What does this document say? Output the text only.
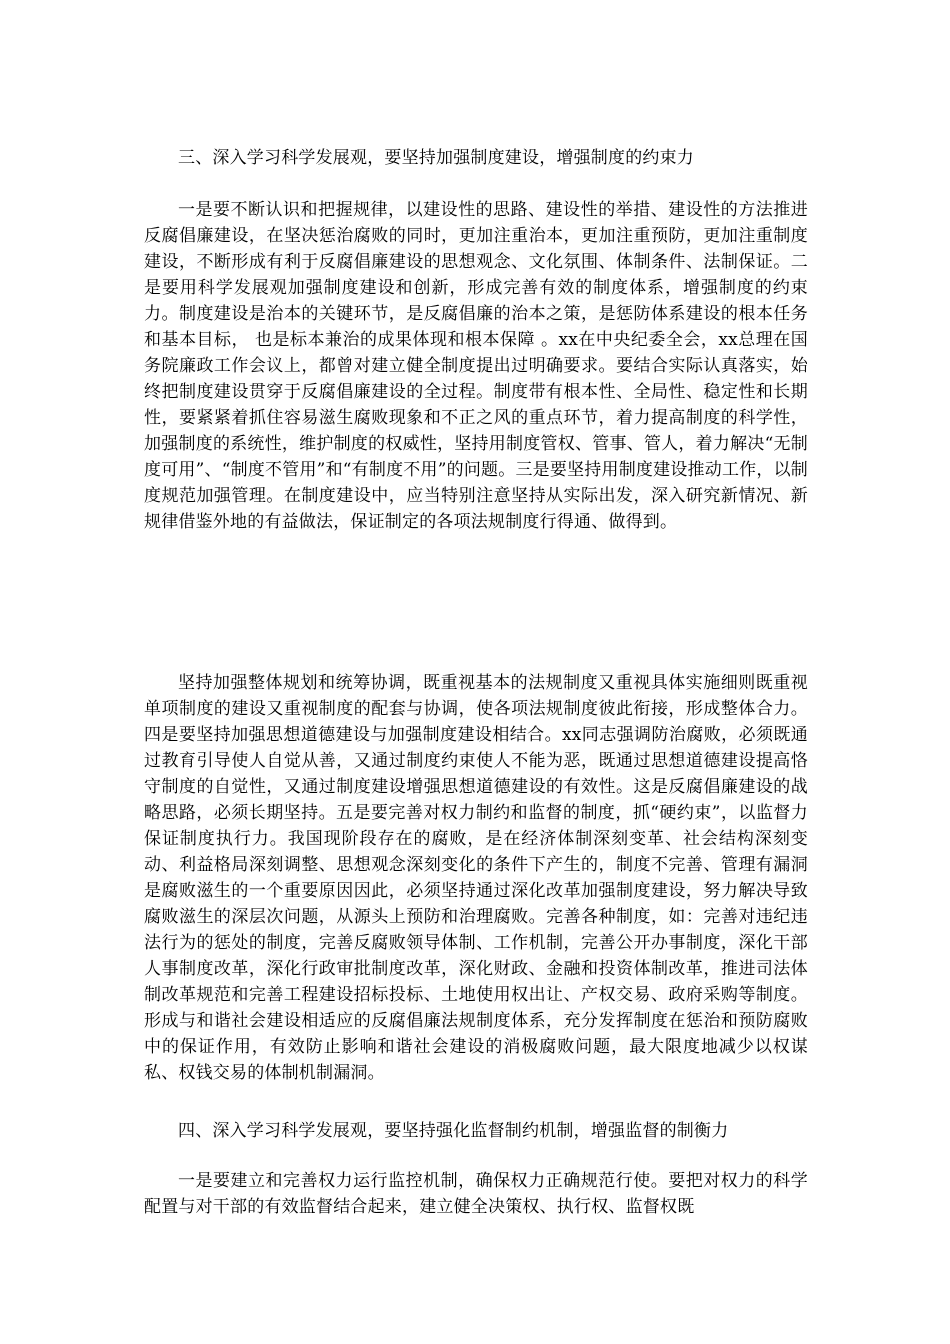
三、深入学习科学发展观，要坚持加强制度建设，增强制度的约束力

一是要不断认识和把握规律，以建设性的思路、建设性的举措、建设性的方法推进反腐倡廉建设，在坚决惩治腐败的同时，更加注重治本，更加注重预防，更加注重制度建设，不断形成有利于反腐倡廉建设的思想观念、文化氛围、体制条件、法制保证。二是要用科学发展观加强制度建设和创新，形成完善有效的制度体系，增强制度的约束力。制度建设是治本的关键环节，是反腐倡廉的治本之策，是惩防体系建设的根本任务和基本目标， 也是标本兼治的成果体现和根本保障 。xx在中央纪委全会，xx总理在国务院廉政工作会议上，都曾对建立健全制度提出过明确要求。要结合实际认真落实，始终把制度建设贯穿于反腐倡廉建设的全过程。制度带有根本性、全局性、稳定性和长期性，要紧紧着抓住容易滋生腐败现象和不正之风的重点环节，着力提高制度的科学性，加强制度的系统性，维护制度的权威性，坚持用制度管权、管事、管人，着力解决“无制度可用”、“制度不管用”和“有制度不用”的问题。三是要坚持用制度建设推动工作，以制度规范加强管理。在制度建设中，应当特别注意坚持从实际出发，深入研究新情况、新规律借鉴外地的有益做法，保证制定的各项法规制度行得通、做得到。

坚持加强整体规划和统筹协调，既重视基本的法规制度又重视具体实施细则既重视单项制度的建设又重视制度的配套与协调，使各项法规制度彼此衔接，形成整体合力。四是要坚持加强思想道德建设与加强制度建设相结合。xx同志强调防治腐败，必须既通过教育引导使人自觉从善，又通过制度约束使人不能为恶，既通过思想道德建设提高恪守制度的自觉性，又通过制度建设增强思想道德建设的有效性。这是反腐倡廉建设的战略思路，必须长期坚持。五是要完善对权力制约和监督的制度，抓“硬约束”，以监督力保证制度执行力。我国现阶段存在的腐败，是在经济体制深刻变革、社会结构深刻变动、利益格局深刻调整、思想观念深刻变化的条件下产生的，制度不完善、管理有漏洞是腐败滋生的一个重要原因因此，必须坚持通过深化改革加强制度建设，努力解决导致腐败滋生的深层次问题，从源头上预防和治理腐败。完善各种制度，如：完善对违纪违法行为的惩处的制度，完善反腐败领导体制、工作机制，完善公开办事制度，深化干部人事制度改革，深化行政审批制度改革，深化财政、金融和投资体制改革，推进司法体制改革规范和完善工程建设招标投标、土地使用权出让、产权交易、政府采购等制度。形成与和谐社会建设相适应的反腐倡廉法规制度体系，充分发挥制度在惩治和预防腐败中的保证作用，有效防止影响和谐社会建设的消极腐败问题，最大限度地减少以权谋私、权钱交易的体制机制漏洞。

四、深入学习科学发展观，要坚持强化监督制约机制，增强监督的制衡力

一是要建立和完善权力运行监控机制，确保权力正确规范行使。要把对权力的科学配置与对干部的有效监督结合起来，建立健全决策权、执行权、监督权既
